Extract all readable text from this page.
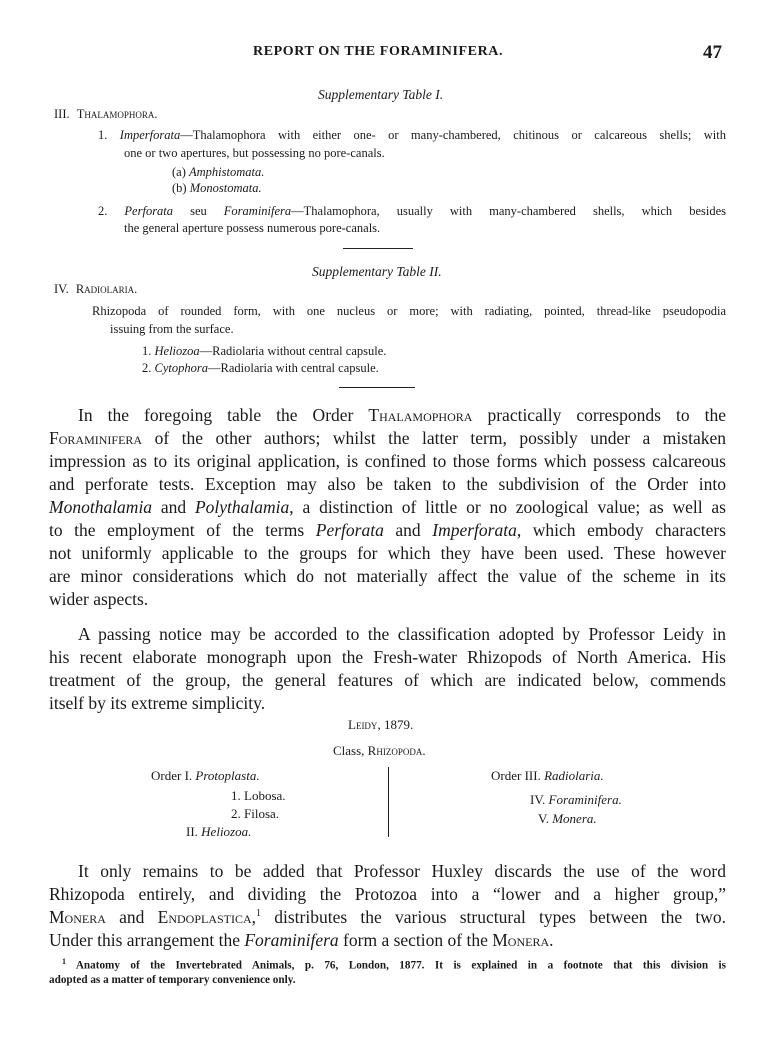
REPORT ON THE FORAMINIFERA.	47
Supplementary Table I.
III. Thalamophora.
1. Imperforata—Thalamophora with either one- or many-chambered, chitinous or calcareous shells; with
one or two apertures, but possessing no pore-canals.
(a) Amphistomata.
(b) Monostomata.
2. Perforata seu Foraminifera—Thalamophora, usually with many-chambered shells, which besides
the general aperture possess numerous pore-canals.
Supplementary Table II.
IV. Radiolaria.
Rhizopoda of rounded form, with one nucleus or more; with radiating, pointed, thread-like pseudopodia
issuing from the surface.
1. Heliozoa—Radiolaria without central capsule.
2. Cytophora—Radiolaria with central capsule.
In the foregoing table the Order Thalamophora practically corresponds to the
Foraminifera of the other authors; whilst the latter term, possibly under a mistaken
impression as to its original application, is confined to those forms which possess calcareous
and perforate tests. Exception may also be taken to the subdivision of the Order into
Monothalamia and Polythalamia, a distinction of little or no zoological value; as well as
to the employment of the terms Perforata and Imperforata, which embody characters
not uniformly applicable to the groups for which they have been used. These however
are minor considerations which do not materially affect the value of the scheme in its
wider aspects.
A passing notice may be accorded to the classification adopted by Professor Leidy in
his recent elaborate monograph upon the Fresh-water Rhizopods of North America. His
treatment of the group, the general features of which are indicated below, commends
itself by its extreme simplicity.
Leidy, 1879.
Class, Rhizopoda.
Order I. Protoplasta.
1. Lobosa.
2. Filosa.
II. Heliozoa.
Order III. Radiolaria.
IV. Foraminifera.
V. Monera.
It only remains to be added that Professor Huxley discards the use of the word
Rhizopoda entirely, and dividing the Protozoa into a “lower and a higher group,”
Monera and Endoplastica,$^1$ distributes the various structural types between the two.
Under this arrangement the Foraminifera form a section of the Monera.
$^1$ Anatomy of the Invertebrated Animals, p. 76, London, 1877. It is explained in a footnote that this division is
adopted as a matter of temporary convenience only.
